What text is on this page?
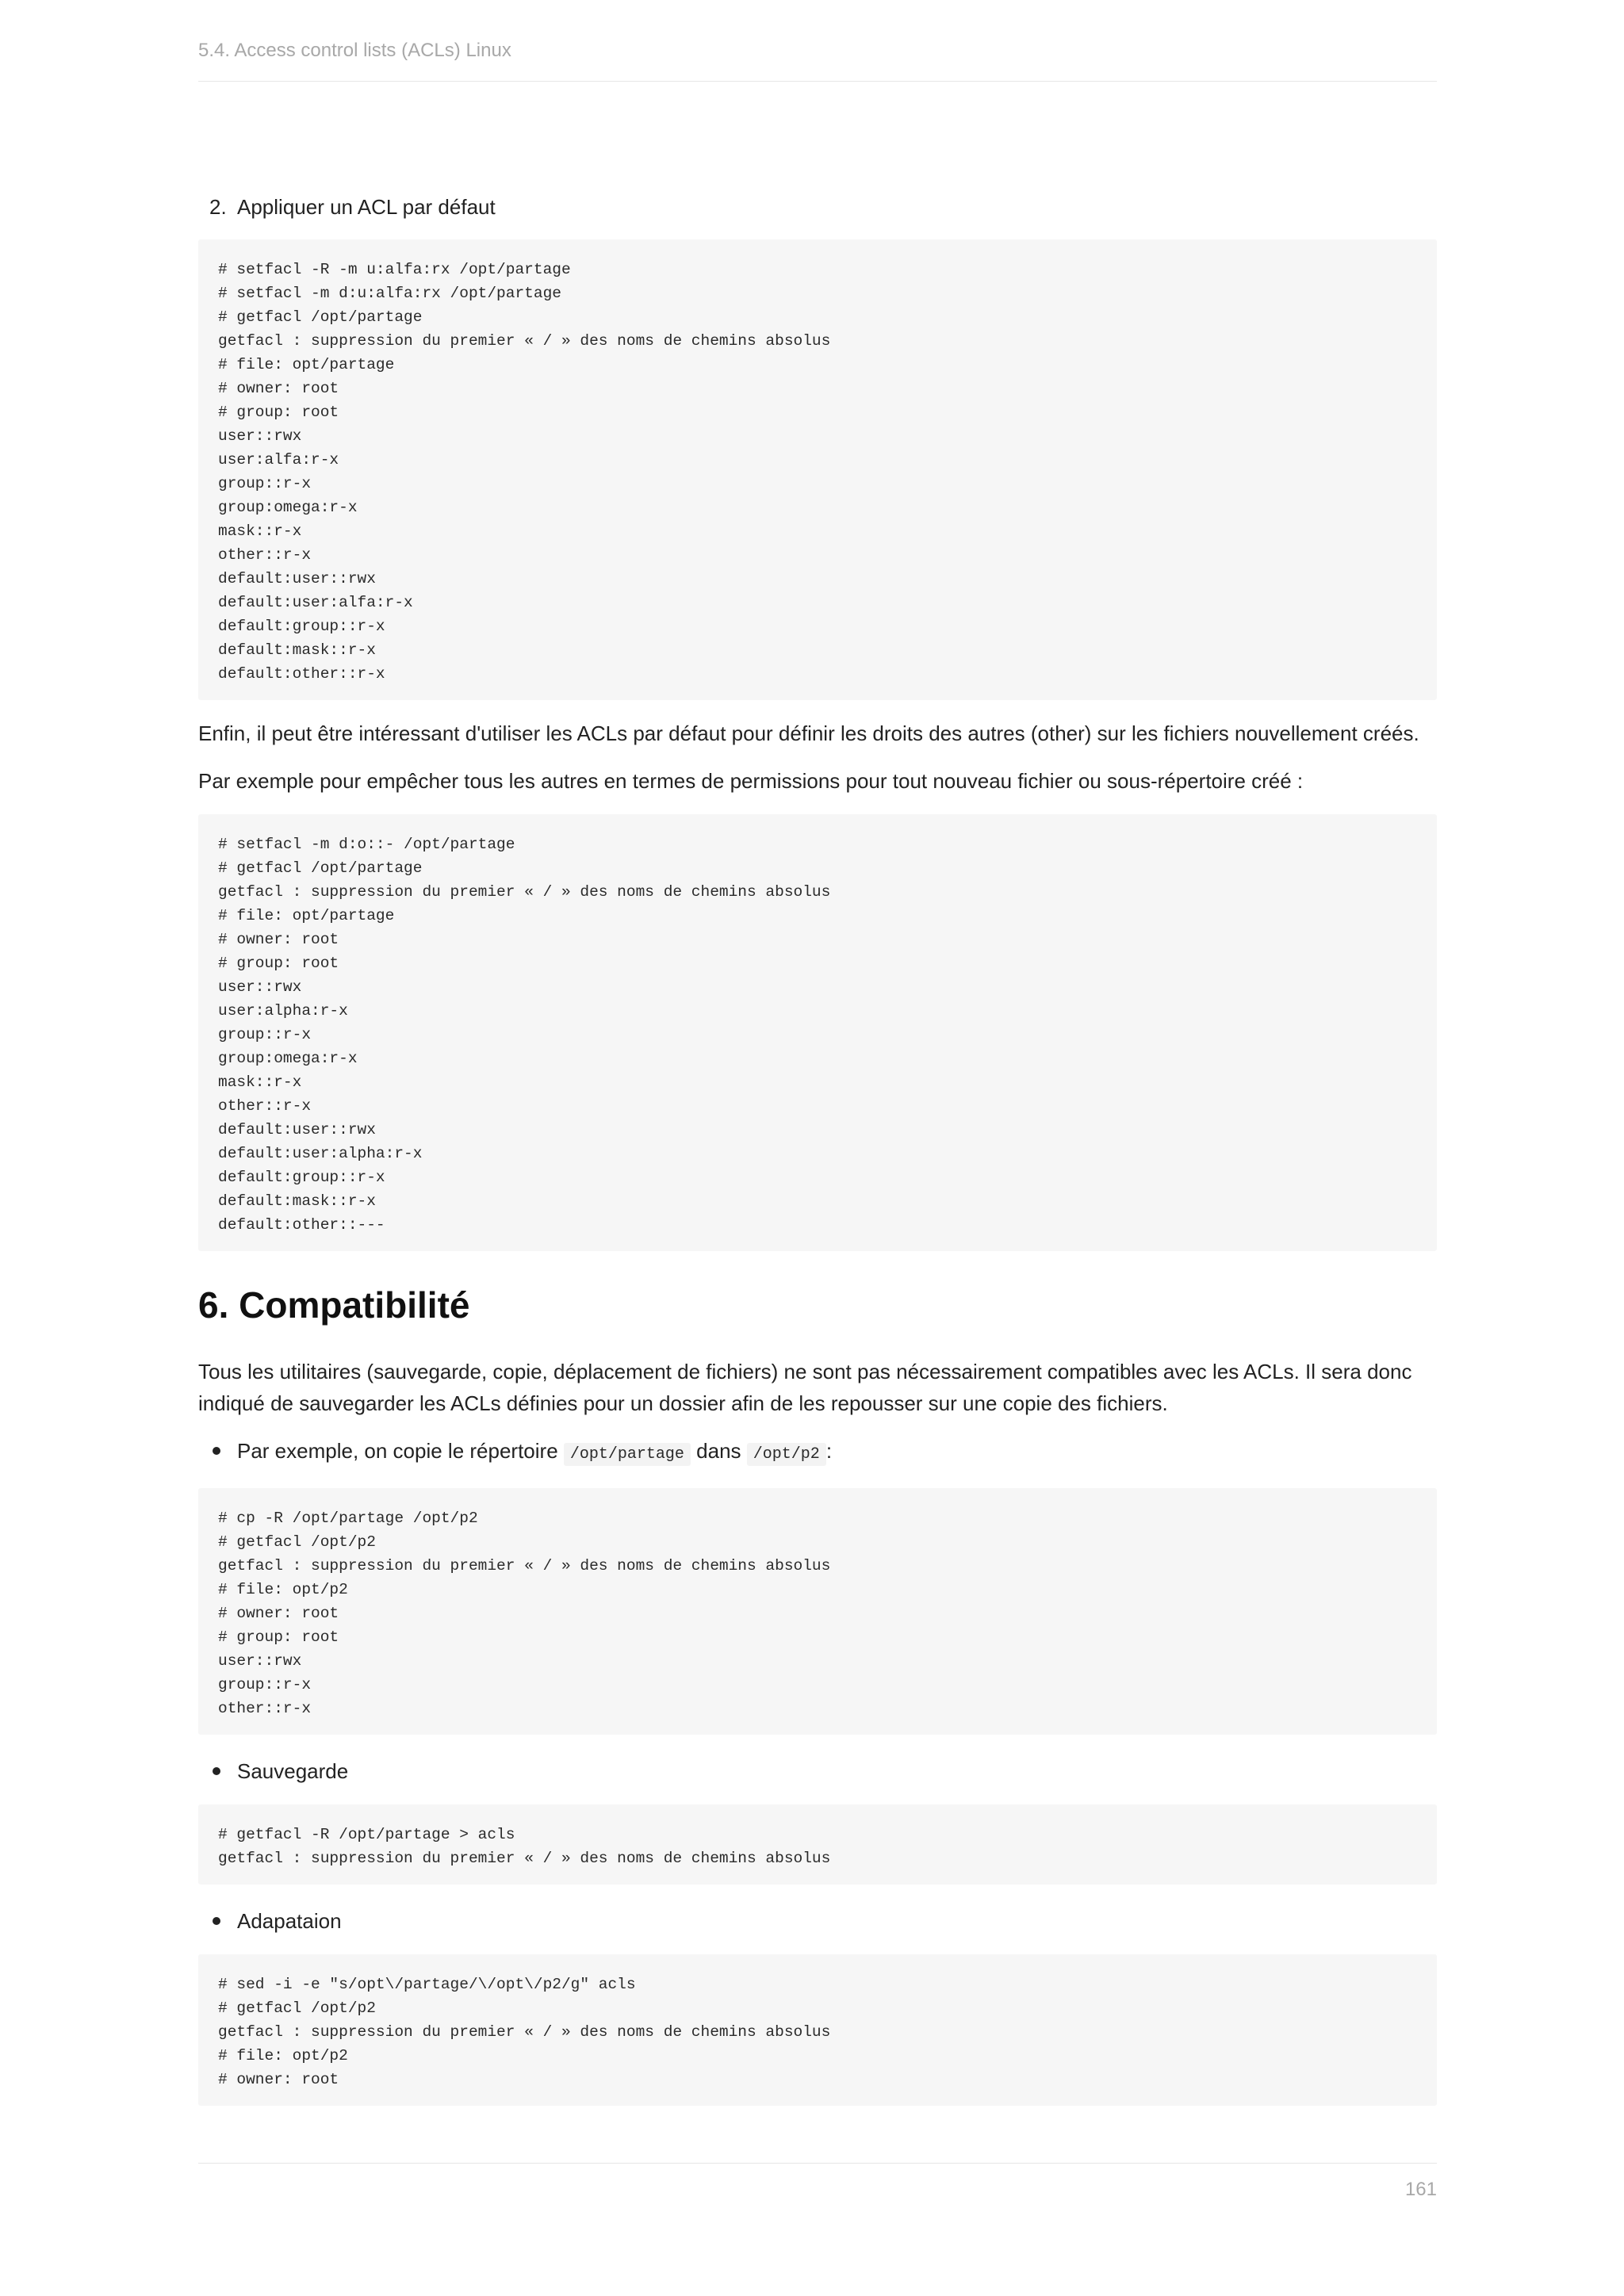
5.4. Access control lists (ACLs) Linux
2. Appliquer un ACL par défaut
# setfacl -R -m u:alfa:rx /opt/partage
# setfacl -m d:u:alfa:rx /opt/partage
# getfacl /opt/partage
getfacl : suppression du premier « / » des noms de chemins absolus
# file: opt/partage
# owner: root
# group: root
user::rwx
user:alfa:r-x
group::r-x
group:omega:r-x
mask::r-x
other::r-x
default:user::rwx
default:user:alfa:r-x
default:group::r-x
default:mask::r-x
default:other::r-x

Enfin, il peut être intéressant d'utiliser les ACLs par défaut pour définir les droits des autres (other) sur les fichiers nouvellement créés.

Par exemple pour empêcher tous les autres en termes de permissions pour tout nouveau fichier ou sous-répertoire créé :

# setfacl -m d:o::- /opt/partage
# getfacl /opt/partage
getfacl : suppression du premier « / » des noms de chemins absolus
# file: opt/partage
# owner: root
# group: root
user::rwx
user:alpha:r-x
group::r-x
group:omega:r-x
mask::r-x
other::r-x
default:user::rwx
default:user:alpha:r-x
default:group::r-x
default:mask::r-x
default:other::---
6. Compatibilité

Tous les utilitaires (sauvegarde, copie, déplacement de fichiers) ne sont pas nécessairement compatibles avec les ACLs. Il sera donc indiqué de sauvegarder les ACLs définies pour un dossier afin de les repousser sur une copie des fichiers.

Par exemple, on copie le répertoire /opt/partage dans /opt/p2 :
# cp -R /opt/partage /opt/p2
# getfacl /opt/p2
getfacl : suppression du premier « / » des noms de chemins absolus
# file: opt/p2
# owner: root
# group: root
user::rwx
group::r-x
other::r-x
Sauvegarde
# getfacl -R /opt/partage > acls
getfacl : suppression du premier « / » des noms de chemins absolus
Adapataion
# sed -i -e "s/opt\/partage/\/opt\/p2/g" acls
# getfacl /opt/p2
getfacl : suppression du premier « / » des noms de chemins absolus
# file: opt/p2
# owner: root
161
